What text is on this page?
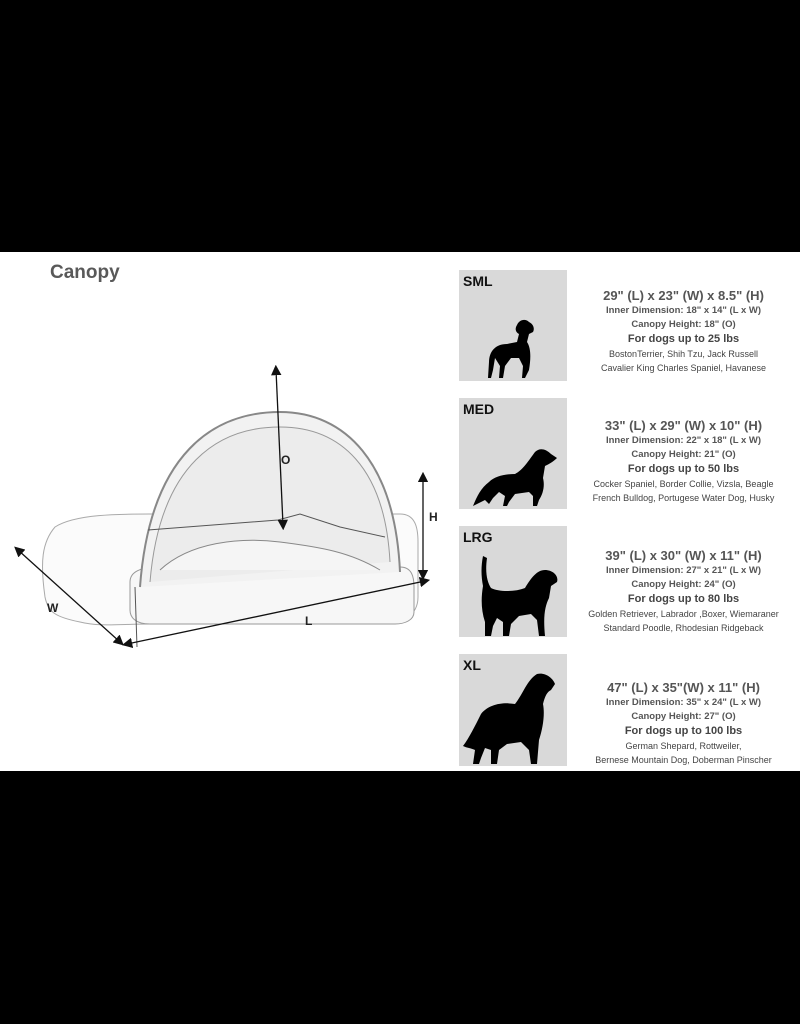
Canopy
O
H
W
L
SML
29" (L) x 23" (W) x 8.5" (H)
Inner Dimension: 18" x 14" (L x W)
Canopy Height: 18" (O)
For dogs up to 25 lbs
BostonTerrier, Shih Tzu, Jack Russell
Cavalier King Charles Spaniel, Havanese
MED
33" (L) x 29" (W) x 10" (H)
Inner Dimension: 22" x 18" (L x W)
Canopy Height: 21" (O)
For dogs up to 50 lbs
Cocker Spaniel, Border Collie, Vizsla, Beagle
French Bulldog, Portugese Water Dog, Husky
LRG
39" (L) x 30" (W) x 11" (H)
Inner Dimension: 27" x 21" (L x W)
Canopy Height: 24" (O)
For dogs up to 80 lbs
Golden Retriever, Labrador ,Boxer, Wiemaraner
Standard Poodle, Rhodesian Ridgeback
XL
47" (L) x 35"(W) x 11" (H)
Inner Dimension: 35" x 24" (L x W)
Canopy Height: 27" (O)
For dogs up to 100 lbs
German Shepard, Rottweiler,
Bernese Mountain Dog, Doberman Pinscher
